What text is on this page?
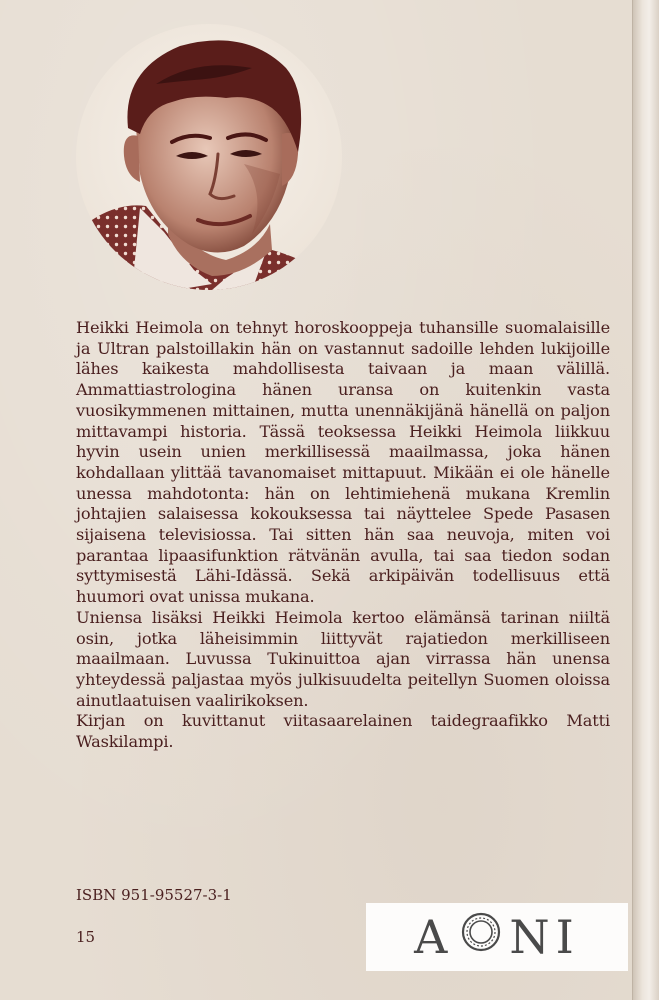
Heikki Heimola on tehnyt horoskooppeja tuhansille suomalaisille ja Ultran palstoillakin hän on vastannut sadoille lehden lukijoille lähes kaikesta mahdollisesta taivaan ja maan välillä. Ammattiastrologina hänen uransa on kuitenkin vasta vuosikymmenen mittainen, mutta unennäkijänä hänellä on paljon mittavampi historia. Tässä teoksessa Heikki Heimola liikkuu hyvin usein unien merkillisessä maailmassa, joka hänen kohdallaan ylittää tavanomaiset mittapuut. Mikään ei ole hänelle unessa mahdotonta: hän on lehtimiehenä mukana Kremlin johtajien salaisessa kokouksessa tai näyttelee Spede Pasasen sijaisena televisiossa. Tai sitten hän saa neuvoja, miten voi parantaa lipaasifunktion rätvänän avulla, tai saa tiedon sodan syttymisestä Lähi-Idässä. Sekä arkipäivän todellisuus että huumori ovat unissa mukana.

Uniensa lisäksi Heikki Heimola kertoo elämänsä tarinan niiltä osin, jotka läheisimmin liittyvät rajatiedon merkilliseen maailmaan. Luvussa Tukinuittoa ajan virrassa hän unensa yhteydessä paljastaa myös julkisuudelta peitellyn Suomen oloissa ainutlaatuisen vaalirikoksen.

Kirjan on kuvittanut viitasaarelainen taidegraafikko Matti Waskilampi.

ISBN 951-95527-3-1
15	A NI
